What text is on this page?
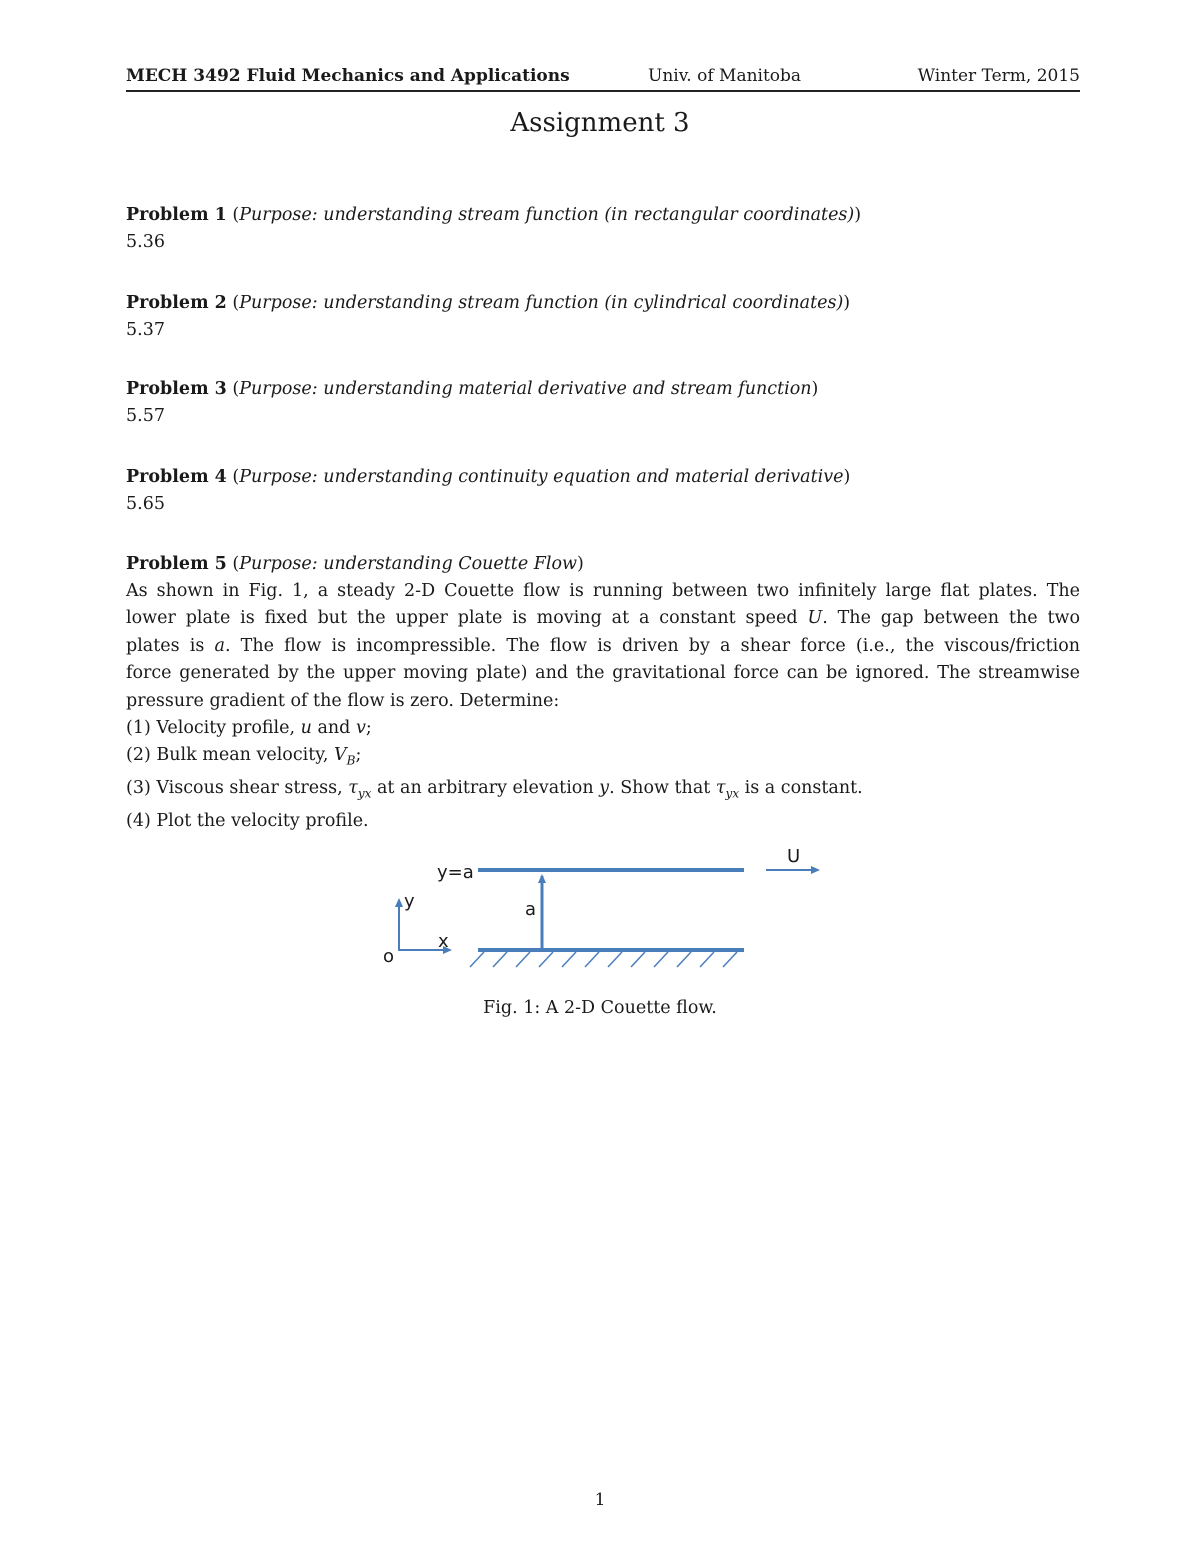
MECH 3492 Fluid Mechanics and Applications	Univ. of Manitoba	Winter Term, 2015
Assignment 3
Problem 1 (Purpose: understanding stream function (in rectangular coordinates))
5.36
Problem 2 (Purpose: understanding stream function (in cylindrical coordinates))
5.37
Problem 3 (Purpose: understanding material derivative and stream function)
5.57
Problem 4 (Purpose: understanding continuity equation and material derivative)
5.65
Problem 5 (Purpose: understanding Couette Flow)
As shown in Fig. 1, a steady 2-D Couette flow is running between two infinitely large flat plates. The
lower plate is fixed but the upper plate is moving at a constant speed U. The gap between the two
plates is a. The flow is incompressible. The flow is driven by a shear force (i.e., the viscous/friction
force generated by the upper moving plate) and the gravitational force can be ignored. The streamwise
pressure gradient of the flow is zero. Determine:
(1) Velocity profile, u and v;
(2) Bulk mean velocity, $V_B$;
(3) Viscous shear stress, $\tau_{yx}$ at an arbitrary elevation y. Show that $\tau_{yx}$ is a constant.
(4) Plot the velocity profile.
y=a
U
a
y
x
o
Fig. 1: A 2-D Couette flow.
1
